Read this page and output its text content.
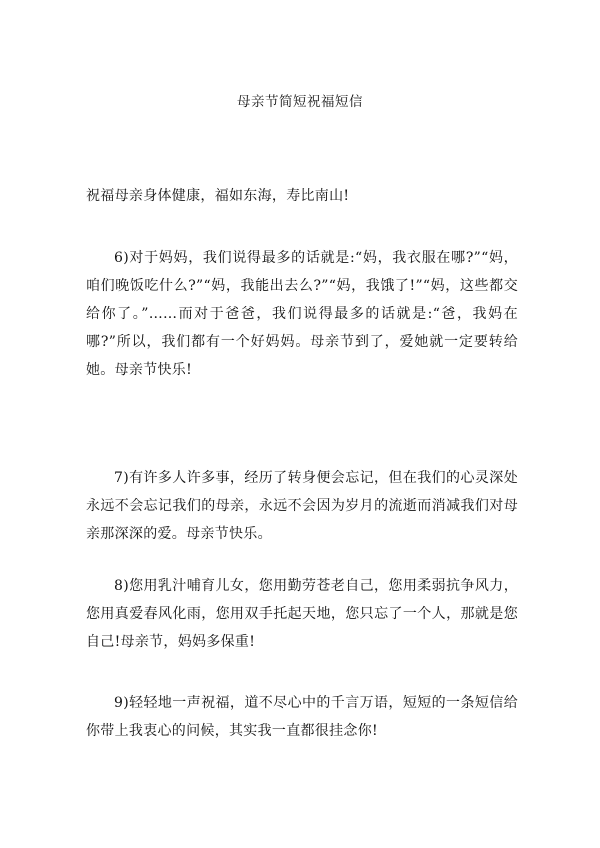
母亲节简短祝福短信

祝福母亲身体健康，福如东海，寿比南山!

6)对于妈妈，我们说得最多的话就是:“妈，我衣服在哪?”“妈，咱们晚饭吃什么?”“妈，我能出去么?”“妈，我饿了!”“妈，这些都交给你了。”……而对于爸爸，我们说得最多的话就是:“爸，我妈在哪?”所以，我们都有一个好妈妈。母亲节到了，爱她就一定要转给她。母亲节快乐!

7)有许多人许多事，经历了转身便会忘记，但在我们的心灵深处永远不会忘记我们的母亲，永远不会因为岁月的流逝而消减我们对母亲那深深的爱。母亲节快乐。

8)您用乳汁哺育儿女，您用勤劳苍老自己，您用柔弱抗争风力，您用真爱春风化雨，您用双手托起天地，您只忘了一个人，那就是您自己!母亲节，妈妈多保重!

9)轻轻地一声祝福，道不尽心中的千言万语，短短的一条短信给你带上我衷心的问候，其实我一直都很挂念你!
